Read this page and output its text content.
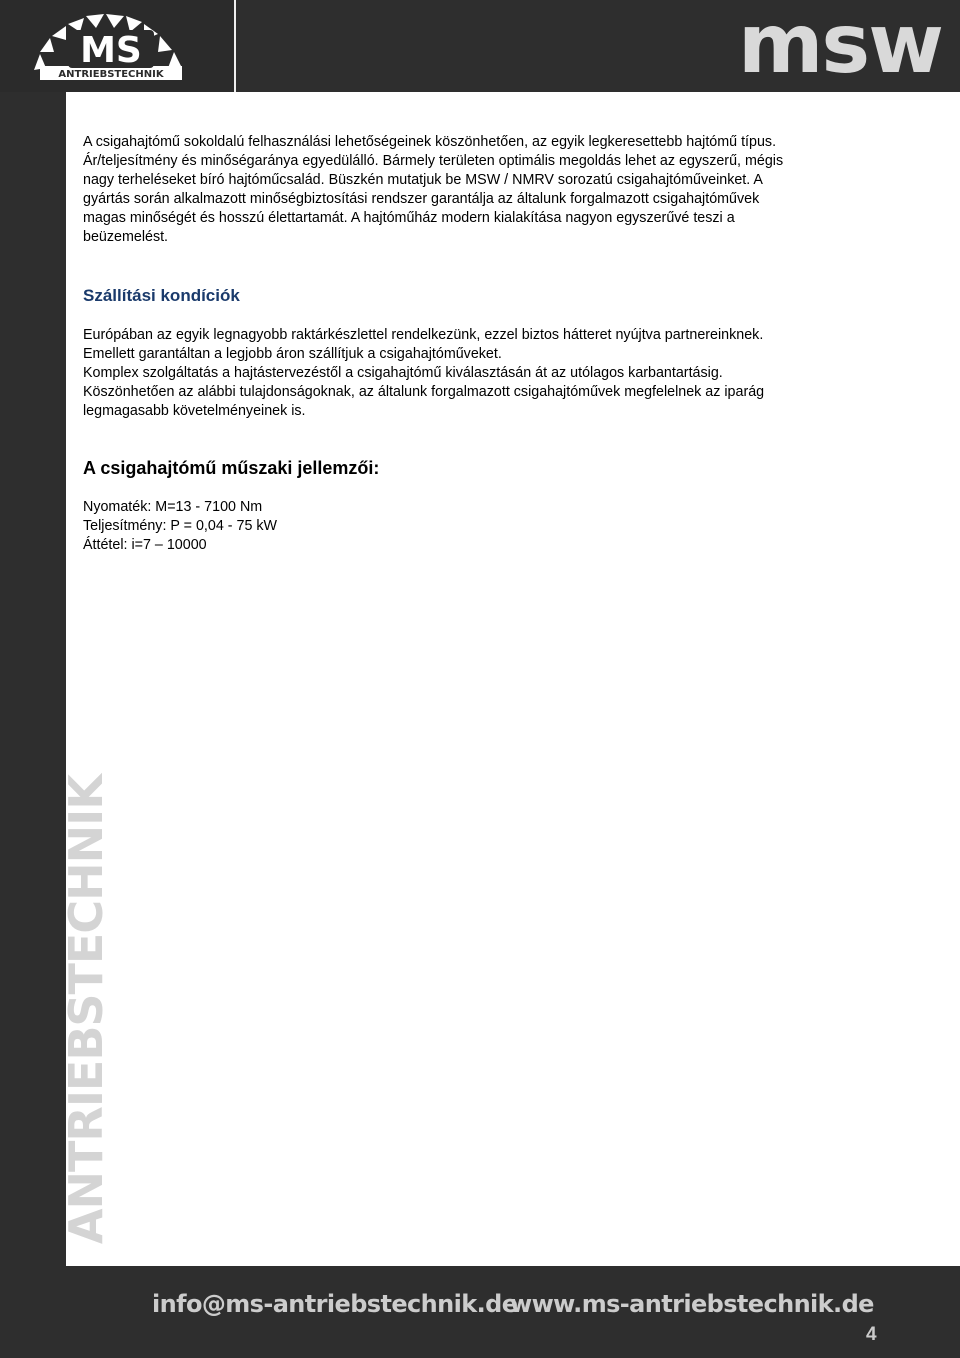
MS
ANTRIEBSTECHNIK	msw
ANTRIEBSTECHNIK

A csigahajtómű sokoldalú felhasználási lehetőségeinek köszönhetően, az egyik legkeresettebb hajtómű típus.

Ár/teljesítmény és minőségaránya egyedülálló. Bármely területen optimális megoldás lehet az egyszerű, mégis

nagy terheléseket bíró hajtóműcsalád. Büszkén mutatjuk be MSW / NMRV sorozatú csigahajtóműveinket. A

gyártás során alkalmazott minőségbiztosítási rendszer garantálja az általunk forgalmazott csigahajtóművek

magas minőségét és hosszú élettartamát. A hajtóműház modern kialakítása nagyon egyszerűvé teszi a

beüzemelést.

Szállítási kondíciók

Európában az egyik legnagyobb raktárkészlettel rendelkezünk, ezzel biztos hátteret nyújtva partnereinknek.

Emellett garantáltan a legjobb áron szállítjuk a csigahajtóműveket.

Komplex szolgáltatás a hajtástervezéstől a csigahajtómű kiválasztásán át az utólagos karbantartásig.

Köszönhetően az alábbi tulajdonságoknak, az általunk forgalmazott csigahajtóművek megfelelnek az iparág

legmagasabb követelményeinek is.

A csigahajtómű műszaki jellemzői:

Nyomaték: M=13 - 7100 Nm

Teljesítmény: P = 0,04 - 75 kW

Áttétel: i=7 – 10000

info@ms-antriebstechnik.de
www.ms-antriebstechnik.de
4
